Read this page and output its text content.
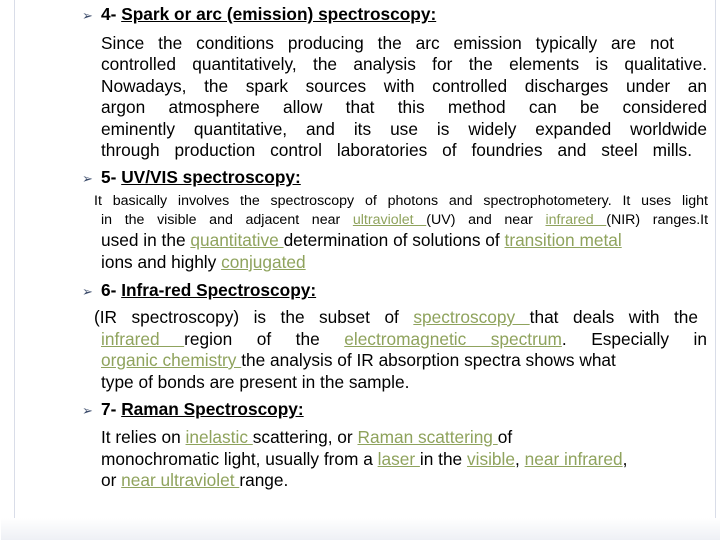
➢ 4- Spark or arc (emission) spectroscopy:
Since the conditions producing the arc emission typically are not
controlled quantitatively, the analysis for the elements is qualitative.
Nowadays, the spark sources with controlled discharges under an
argon atmosphere allow that this method can be considered
eminently quantitative, and its use is widely expanded worldwide
through production control laboratories of foundries and steel mills.
➢ 5- UV/VIS spectroscopy:
It basically involves the spectroscopy of photons and spectrophotometery. It uses light
in the visible and adjacent near ultraviolet (UV) and near infrared (NIR) ranges.It
used in the quantitative determination of solutions of transition metal
ions and highly conjugated
➢ 6- Infra-red Spectroscopy:
(IR spectroscopy) is the subset of spectroscopy that deals with the
infrared region of the electromagnetic spectrum. Especially in
organic chemistry the analysis of IR absorption spectra shows what
type of bonds are present in the sample.
➢ 7- Raman Spectroscopy:
It relies on inelastic scattering, or Raman scattering of
monochromatic light, usually from a laser in the visible, near infrared,
or near ultraviolet range.
